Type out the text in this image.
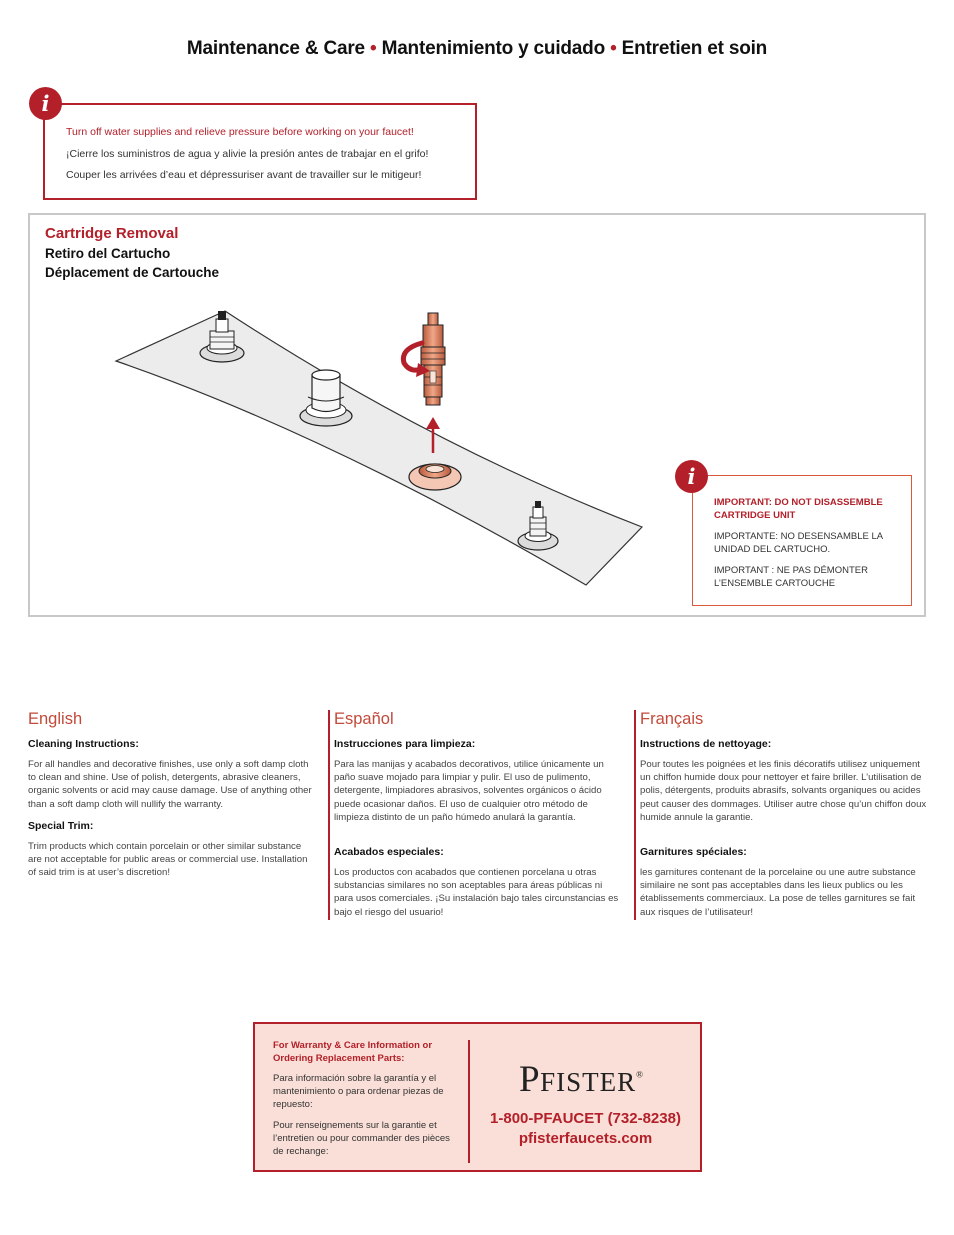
Maintenance & Care • Mantenimiento y cuidado • Entretien et soin
Turn off water supplies and relieve pressure before working on your faucet!
¡Cierre los suministros de agua y alivie la presión antes de trabajar en el grifo!
Couper les arrivées d’eau et dépressuriser avant de travailler sur le mitigeur!
i
Cartridge Removal
Retiro del Cartucho
Déplacement de Cartouche
IMPORTANT: DO NOT DISASSEMBLE CARTRIDGE UNIT
IMPORTANTE: NO DESENSAMBLE LA UNIDAD DEL CARTUCHO.
IMPORTANT : NE PAS DÉMONTER L’ENSEMBLE CARTOUCHE
i
English
Cleaning Instructions:
For all handles and decorative finishes, use only a soft damp cloth to clean and shine. Use of polish, detergents, abrasive cleaners, organic solvents or acid may cause damage. Use of anything other than a soft damp cloth will nullify the warranty.
Special Trim:
Trim products which contain porcelain or other similar substance are not acceptable for public areas or commercial use. Installation of said trim is at user’s discretion!
Español
Instrucciones para limpieza:
Para las manijas y acabados decorativos, utilice únicamente un paño suave mojado para limpiar y pulir. El uso de pulimento, detergente, limpiadores abrasivos, solventes orgánicos o ácido puede ocasionar daños. El uso de cualquier otro método de limpieza distinto de un paño húmedo anulará la garantía.
Acabados especiales:
Los productos con acabados que contienen porcelana u otras substancias similares no son aceptables para áreas públicas ni para usos comerciales. ¡Su instalación bajo tales circunstancias es bajo el riesgo del usuario!
Français
Instructions de nettoyage:
Pour toutes les poignées et les finis décoratifs utilisez uniquement un chiffon humide doux pour nettoyer et faire briller. L’utilisation de polis, détergents, produits abrasifs, solvants organiques ou acides peut causer des dommages. Utiliser autre chose qu’un chiffon doux humide annule la garantie.
Garnitures spéciales:
les garnitures contenant de la porcelaine ou une autre substance similaire ne sont pas acceptables dans les lieux publics ou les établissements commerciaux. La pose de telles garnitures se fait aux risques de l’utilisateur!
For Warranty & Care Information or Ordering Replacement Parts:
Para información sobre la garantía y el mantenimiento o para ordenar piezas de repuesto:
Pour renseignements sur la garantie et l’entretien ou pour commander des pièces de rechange:
PFISTER®
1-800-PFAUCET (732-8238)
pfisterfaucets.com
